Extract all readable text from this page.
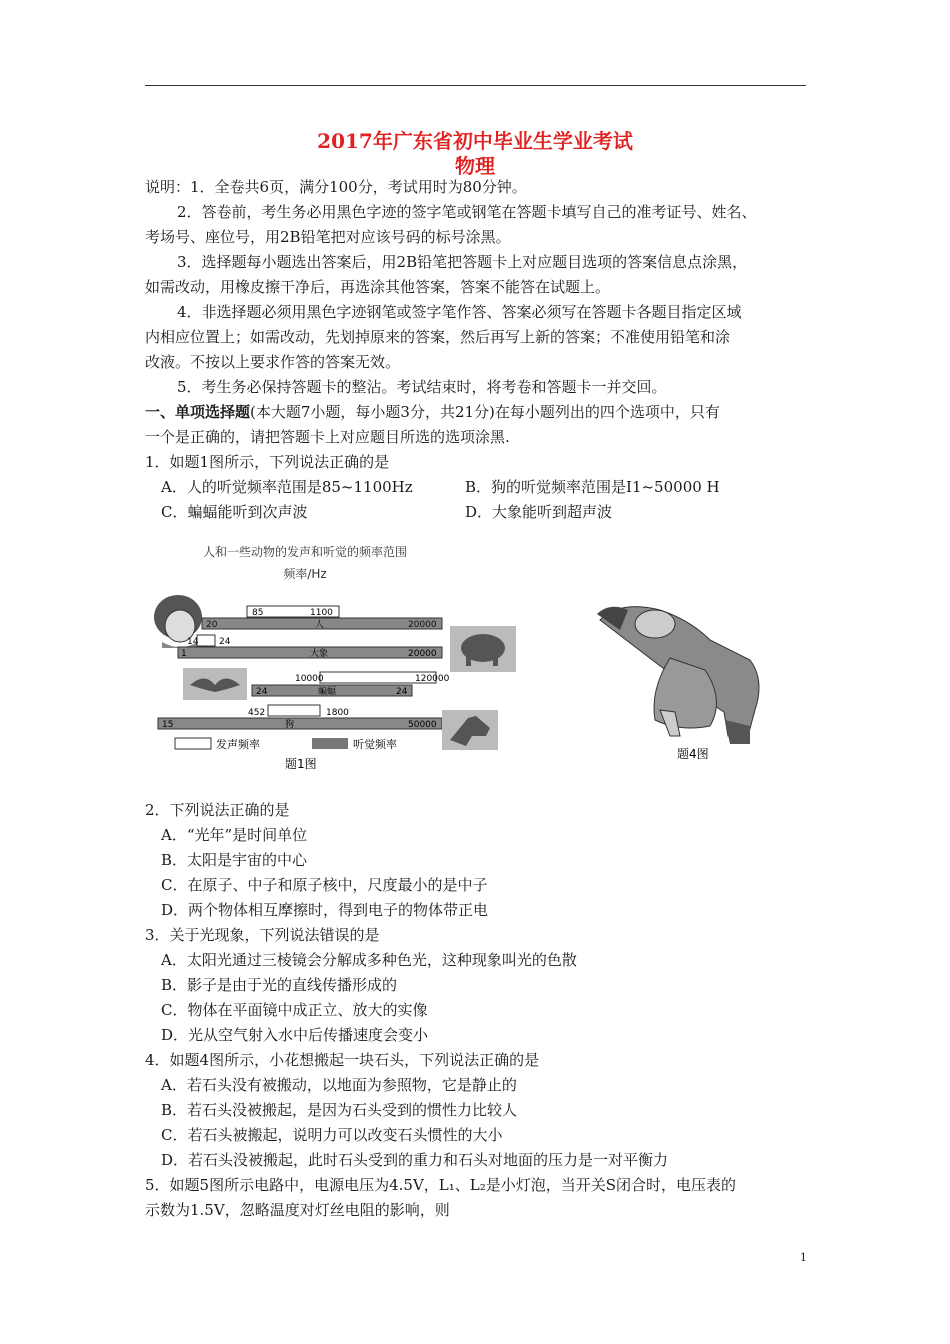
2017年广东省初中毕业生学业考试
物理
说明：1．全卷共6页，满分100分，考试用时为80分钟。
2．答卷前，考生务必用黑色字迹的签字笔或钢笔在答题卡填写自己的准考证号、姓名、
考场号、座位号，用2B铅笔把对应该号码的标号涂黑。
3．选择题每小题选出答案后，用2B铅笔把答题卡上对应题目选项的答案信息点涂黑，
如需改动，用橡皮擦干净后，再选涂其他答案，答案不能答在试题上。
4．非选择题必须用黑色字迹钢笔或签字笔作答、答案必须写在答题卡各题目指定区域
内相应位置上；如需改动，先划掉原来的答案，然后再写上新的答案；不准使用铅笔和涂
改液。不按以上要求作答的答案无效。
5．考生务必保持答题卡的整沾。考试结束时，将考卷和答题卡一并交回。
一、单项选择题(本大题7小题，每小题3分，共21分)在每小题列出的四个选项中，只有
一个是正确的，请把答题卡上对应题目所选的选项涂黑.
1．如题1图所示，下列说法正确的是
A．人的听觉频率范围是85~1100Hz	B．狗的听觉频率范围是I1~50000 H
C．蝙蝠能听到次声波	D．大象能听到超声波
人和一些动物的发声和听觉的频率范围
频率/Hz
85	1100
20	人	20000
14 24
1	大象	20000
10000	120000
24	蝙蝠	24
452	1800
15	狗	50000
发声频率	听觉频率
题1图
题4图
2．下列说法正确的是
A．“光年”是时间单位
B．太阳是宇宙的中心
C．在原子、中子和原子核中，尺度最小的是中子
D．两个物体相互摩擦时，得到电子的物体带正电
3．关于光现象，下列说法错误的是
A．太阳光通过三棱镜会分解成多种色光，这种现象叫光的色散
B．影子是由于光的直线传播形成的
C．物体在平面镜中成正立、放大的实像
D．光从空气射入水中后传播速度会变小
4．如题4图所示，小花想搬起一块石头，下列说法正确的是
A．若石头没有被搬动，以地面为参照物，它是静止的
B．若石头没被搬起，是因为石头受到的惯性力比较人
C．若石头被搬起，说明力可以改变石头惯性的大小
D．若石头没被搬起，此时石头受到的重力和石头对地面的压力是一对平衡力
5．如题5图所示电路中，电源电压为4.5V，L₁、L₂是小灯泡，当开关S闭合时，电压表的
示数为1.5V，忽略温度对灯丝电阻的影响，则
1
